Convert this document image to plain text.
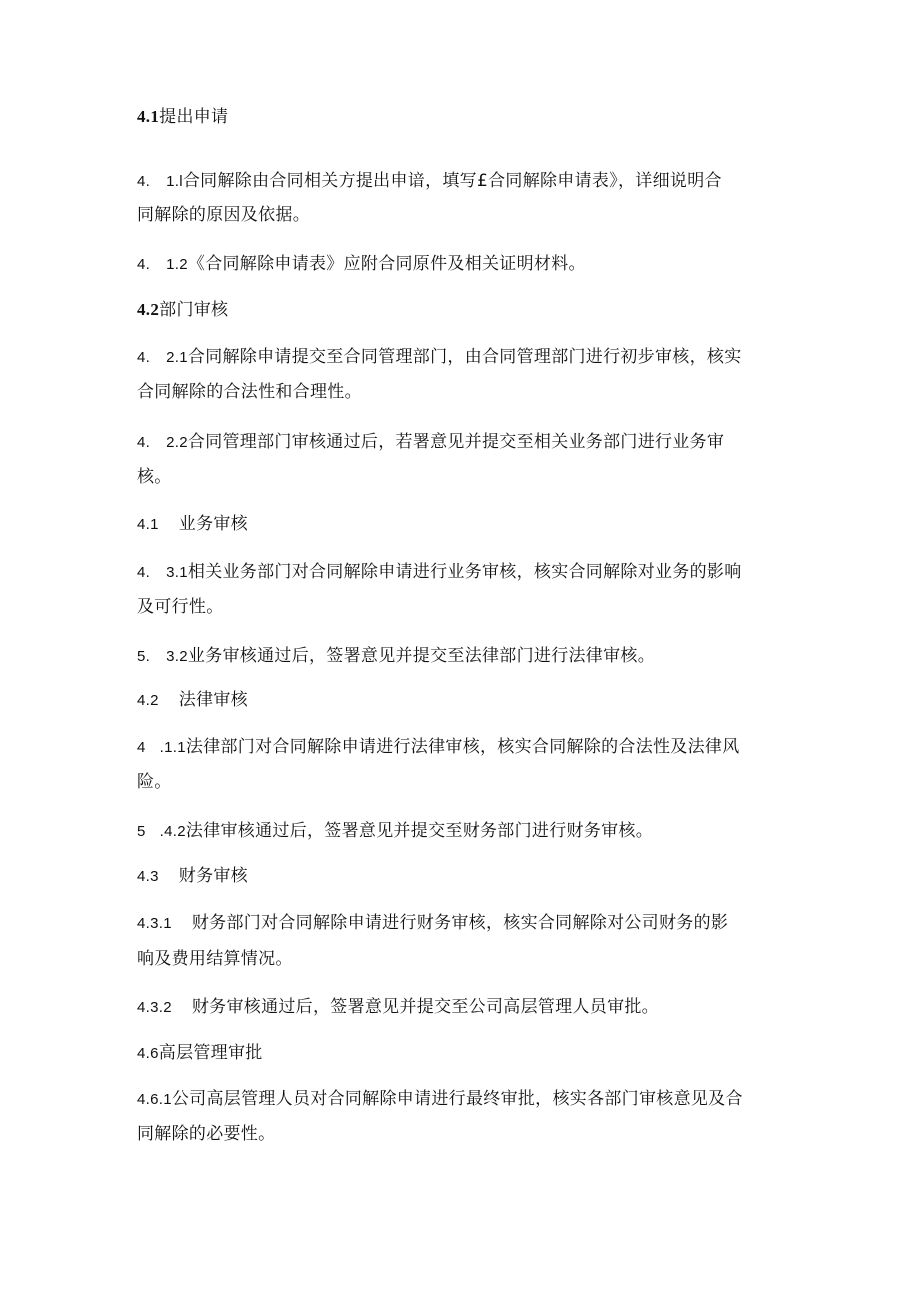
4.1提出申请
4. 1.l合同解除由合同相关方提出申谙，填写£合同解除申请表》，详细说明合
同解除的原因及依据。
4. 1.2《合同解除申请表》应附合同原件及相关证明材料。
4.2部门审核
4. 2.1合同解除申请提交至合同管理部门，由合同管理部门进行初步审核，核实
合同解除的合法性和合理性。
4. 2.2合同管理部门审核通过后，若署意见并提交至相关业务部门进行业务审
核。
4.1 业务审核
4. 3.1相关业务部门对合同解除申请进行业务审核，核实合同解除对业务的影响
及可行性。
5. 3.2业务审核通过后，签署意见并提交至法律部门进行法律审核。
4.2 法律审核
4 .1.1法律部门对合同解除申请进行法律审核，核实合同解除的合法性及法律风
险。
5 .4.2法律审核通过后，签署意见并提交至财务部门进行财务审核。
4.3 财务审核
4.3.1 财务部门对合同解除申请进行财务审核，核实合同解除对公司财务的影
响及费用结算情况。
4.3.2 财务审核通过后，签署意见并提交至公司高层管理人员审批。
4.6高层管理审批
4.6.1公司高层管理人员对合同解除申请进行最终审批，核实各部门审核意见及合
同解除的必要性。
